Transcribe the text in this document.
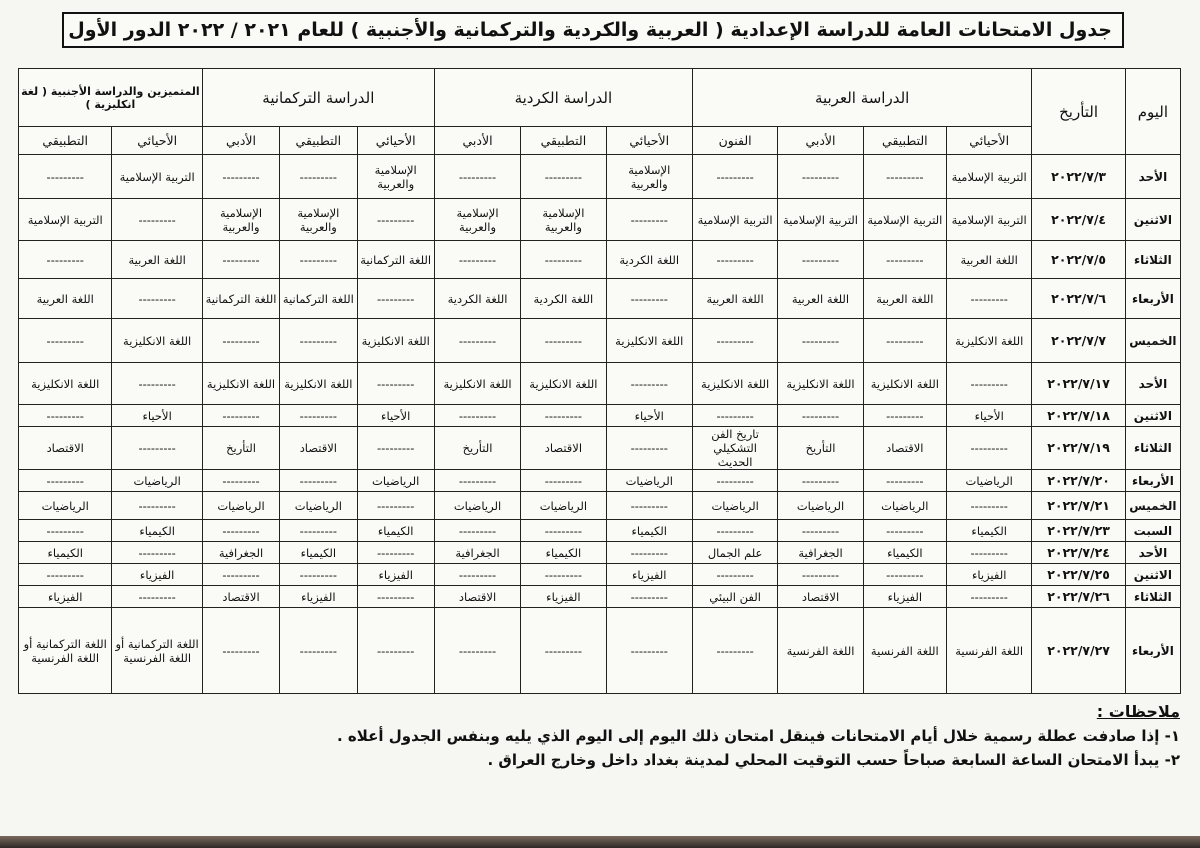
جدول الامتحانات العامة للدراسة الإعدادية ( العربية والكردية والتركمانية والأجنبية ) للعام ٢٠٢١ / ٢٠٢٢ الدور الأول
اليوم	التأريخ	الدراسة العربية				الدراسة الكردية			الدراسة التركمانية			المتميزين والدراسة الأجنبية ( لغة انكليزية )	
		الأحيائي	التطبيقي	الأدبي	الفنون	الأحيائي	التطبيقي	الأدبي	الأحيائي	التطبيقي	الأدبي	الأحيائي	التطبيقي
الأحد	٢٠٢٢/٧/٣	التربية الإسلامية	---------	---------	---------	الإسلامية والعربية	---------	---------	الإسلامية والعربية	---------	---------	التربية الإسلامية	---------
الاثنين	٢٠٢٢/٧/٤	التربية الإسلامية	التربية الإسلامية	التربية الإسلامية	التربية الإسلامية	---------	الإسلامية والعربية	الإسلامية والعربية	---------	الإسلامية والعربية	الإسلامية والعربية	---------	التربية الإسلامية
الثلاثاء	٢٠٢٢/٧/٥	اللغة العربية	---------	---------	---------	اللغة الكردية	---------	---------	اللغة التركمانية	---------	---------	اللغة العربية	---------
الأربعاء	٢٠٢٢/٧/٦	---------	اللغة العربية	اللغة العربية	اللغة العربية	---------	اللغة الكردية	اللغة الكردية	---------	اللغة التركمانية	اللغة التركمانية	---------	اللغة العربية
الخميس	٢٠٢٢/٧/٧	اللغة الانكليزية	---------	---------	---------	اللغة الانكليزية	---------	---------	اللغة الانكليزية	---------	---------	اللغة الانكليزية	---------
الأحد	٢٠٢٢/٧/١٧	---------	اللغة الانكليزية	اللغة الانكليزية	اللغة الانكليزية	---------	اللغة الانكليزية	اللغة الانكليزية	---------	اللغة الانكليزية	اللغة الانكليزية	---------	اللغة الانكليزية
الاثنين	٢٠٢٢/٧/١٨	الأحياء	---------	---------	---------	الأحياء	---------	---------	الأحياء	---------	---------	الأحياء	---------
الثلاثاء	٢٠٢٢/٧/١٩	---------	الاقتصاد	التأريخ	تاريخ الفن التشكيلي الحديث	---------	الاقتصاد	التأريخ	---------	الاقتصاد	التأريخ	---------	الاقتصاد
الأربعاء	٢٠٢٢/٧/٢٠	الرياضيات	---------	---------	---------	الرياضيات	---------	---------	الرياضيات	---------	---------	الرياضيات	---------
الخميس	٢٠٢٢/٧/٢١	---------	الرياضيات	الرياضيات	الرياضيات	---------	الرياضيات	الرياضيات	---------	الرياضيات	الرياضيات	---------	الرياضيات
السبت	٢٠٢٢/٧/٢٣	الكيمياء	---------	---------	---------	الكيمياء	---------	---------	الكيمياء	---------	---------	الكيمياء	---------
الأحد	٢٠٢٢/٧/٢٤	---------	الكيمياء	الجغرافية	علم الجمال	---------	الكيمياء	الجغرافية	---------	الكيمياء	الجغرافية	---------	الكيمياء
الاثنين	٢٠٢٢/٧/٢٥	الفيزياء	---------	---------	---------	الفيزياء	---------	---------	الفيزياء	---------	---------	الفيزياء	---------
الثلاثاء	٢٠٢٢/٧/٢٦	---------	الفيزياء	الاقتصاد	الفن البيئي	---------	الفيزياء	الاقتصاد	---------	الفيزياء	الاقتصاد	---------	الفيزياء
الأربعاء	٢٠٢٢/٧/٢٧	اللغة الفرنسية	اللغة الفرنسية	اللغة الفرنسية	---------	---------	---------	---------	---------	---------	---------	اللغة التركمانية أو اللغة الفرنسية	اللغة التركمانية أو اللغة الفرنسية
ملاحظات :
١- إذا صادفت عطلة رسمية خلال أيام الامتحانات فينقل امتحان ذلك اليوم إلى اليوم الذي يليه وبنفس الجدول أعلاه .
٢- يبدأ الامتحان الساعة السابعة صباحاً حسب التوقيت المحلي لمدينة بغداد داخل وخارج العراق .
